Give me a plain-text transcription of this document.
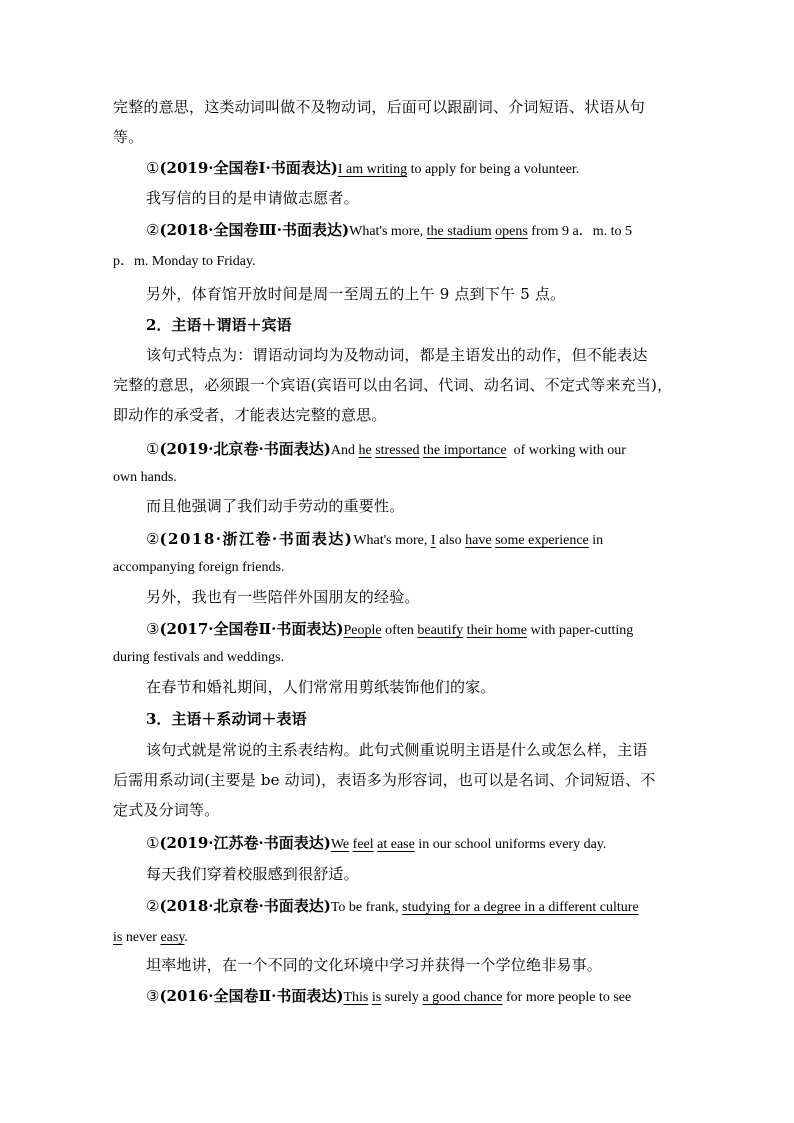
完整的意思，这类动词叫做不及物动词，后面可以跟副词、介词短语、状语从句
等。
①(2019·全国卷Ⅰ·书面表达)I am writing to apply for being a volunteer.
我写信的目的是申请做志愿者。
②(2018·全国卷Ⅲ·书面表达)What's more, the stadium opens from 9 a．m. to 5
p．m. Monday to Friday.
另外，体育馆开放时间是周一至周五的上午 9 点到下午 5 点。
2．主语＋谓语＋宾语
该句式特点为：谓语动词均为及物动词，都是主语发出的动作，但不能表达
完整的意思，必须跟一个宾语(宾语可以由名词、代词、动名词、不定式等来充当)，
即动作的承受者，才能表达完整的意思。
①(2019·北京卷·书面表达)And he stressed the importance  of working with our
own hands.
而且他强调了我们动手劳动的重要性。
②(2018·浙江卷·书面表达)What's more, I also have some experience in
accompanying foreign friends.
另外，我也有一些陪伴外国朋友的经验。
③(2017·全国卷Ⅱ·书面表达)People often beautify their home with paper-cutting
during festivals and weddings.
在春节和婚礼期间，人们常常用剪纸装饰他们的家。
3．主语＋系动词＋表语
该句式就是常说的主系表结构。此句式侧重说明主语是什么或怎么样，主语
后需用系动词(主要是 be 动词)，表语多为形容词，也可以是名词、介词短语、不
定式及分词等。
①(2019·江苏卷·书面表达)We feel at ease in our school uniforms every day.
每天我们穿着校服感到很舒适。
②(2018·北京卷·书面表达)To be frank, studying for a degree in a different culture
is never easy.
坦率地讲，在一个不同的文化环境中学习并获得一个学位绝非易事。
③(2016·全国卷Ⅱ·书面表达)This is surely a good chance for more people to see
